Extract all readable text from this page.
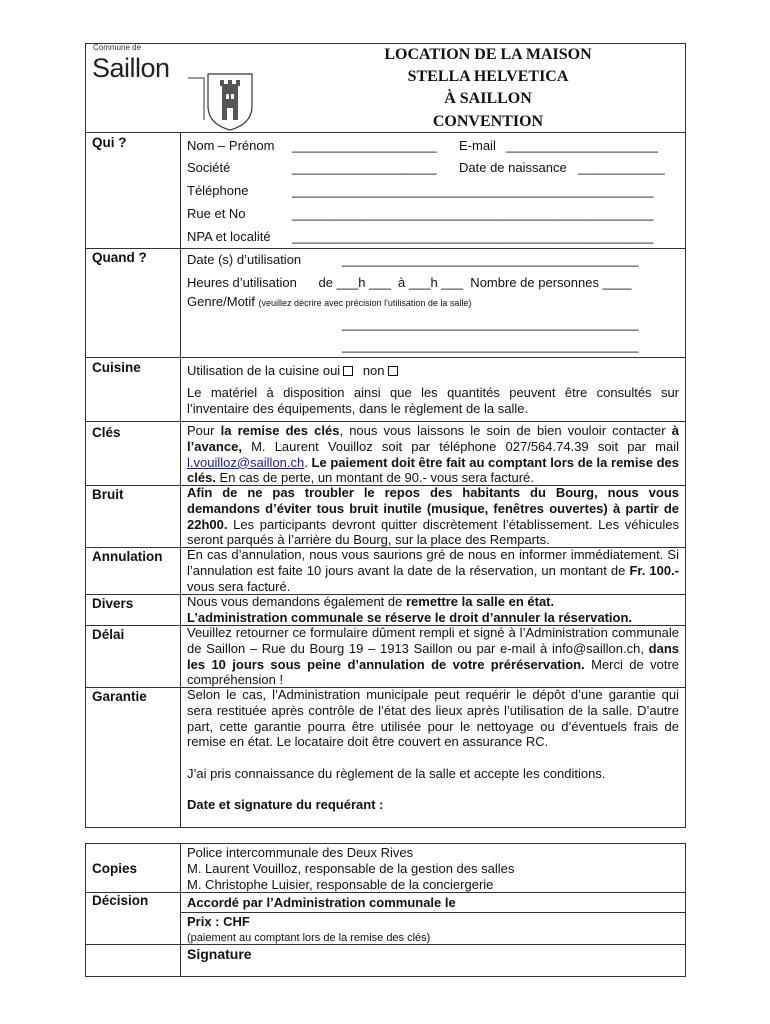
Commune de
Saillon	LOCATION DE LA MAISON
STELLA HELVETICA
À SAILLON
CONVENTION
Qui ?	Nom – Prénom ____________________ E-mail _____________________
Société	____________________ Date de naissance ____________
Téléphone	__________________________________________________
Rue et No	__________________________________________________
NPA et localité __________________________________________________
Quand ?	Date (s) d’utilisation	_________________________________________
Heures d’utilisation      de ___h ___  à ___h ___  Nombre de personnes ____
Genre/Motif (veuillez décrire avec précision l'utilisation de la salle)
_________________________________________
_________________________________________
Cuisine	Utilisation de la cuisine oui non
Le matériel à disposition ainsi que les quantités peuvent être consultés sur l’inventaire des équipements, dans le règlement de la salle.
Clés	Pour la remise des clés, nous vous laissons le soin de bien vouloir contacter à l’avance, M. Laurent Vouilloz soit par téléphone 027/564.74.39 soit par mail l.vouilloz@saillon.ch. Le paiement doit être fait au comptant lors de la remise des clés. En cas de perte, un montant de 90.- vous sera facturé.
Bruit	Afin de ne pas troubler le repos des habitants du Bourg, nous vous demandons d’éviter tous bruit inutile (musique, fenêtres ouvertes) à partir de 22h00. Les participants devront quitter discrètement l’établissement. Les véhicules seront parqués à l’arrière du Bourg, sur la place des Remparts.
Annulation En cas d’annulation, nous vous saurions gré de nous en informer immédiatement. Si l’annulation est faite 10 jours avant la date de la réservation, un montant de Fr. 100.- vous sera facturé.
Divers	Nous vous demandons également de remettre la salle en état.
L’administration communale se réserve le droit d’annuler la réservation.
Délai	Veuillez retourner ce formulaire dûment rempli et signé à l’Administration communale de Saillon – Rue du Bourg 19 – 1913 Saillon ou par e-mail à info@saillon.ch, dans les 10 jours sous peine d’annulation de votre préréservation. Merci de votre compréhension !
Garantie	Selon le cas, l’Administration municipale peut requérir le dépôt d’une garantie qui sera restituée après contrôle de l’état des lieux après l’utilisation de la salle. D’autre part, cette garantie pourra être utilisée pour le nettoyage ou d’éventuels frais de remise en état. Le locataire doit être couvert en assurance RC.
J’ai pris connaissance du règlement de la salle et accepte les conditions.
Date et signature du requérant :
Copies
Police intercommunale des Deux Rives
M. Laurent Vouilloz, responsable de la gestion des salles
M. Christophe Luisier, responsable de la conciergerie
Décision	Accordé par l’Administration communale le
Prix : CHF
(paiement au comptant lors de la remise des clés)
Signature
